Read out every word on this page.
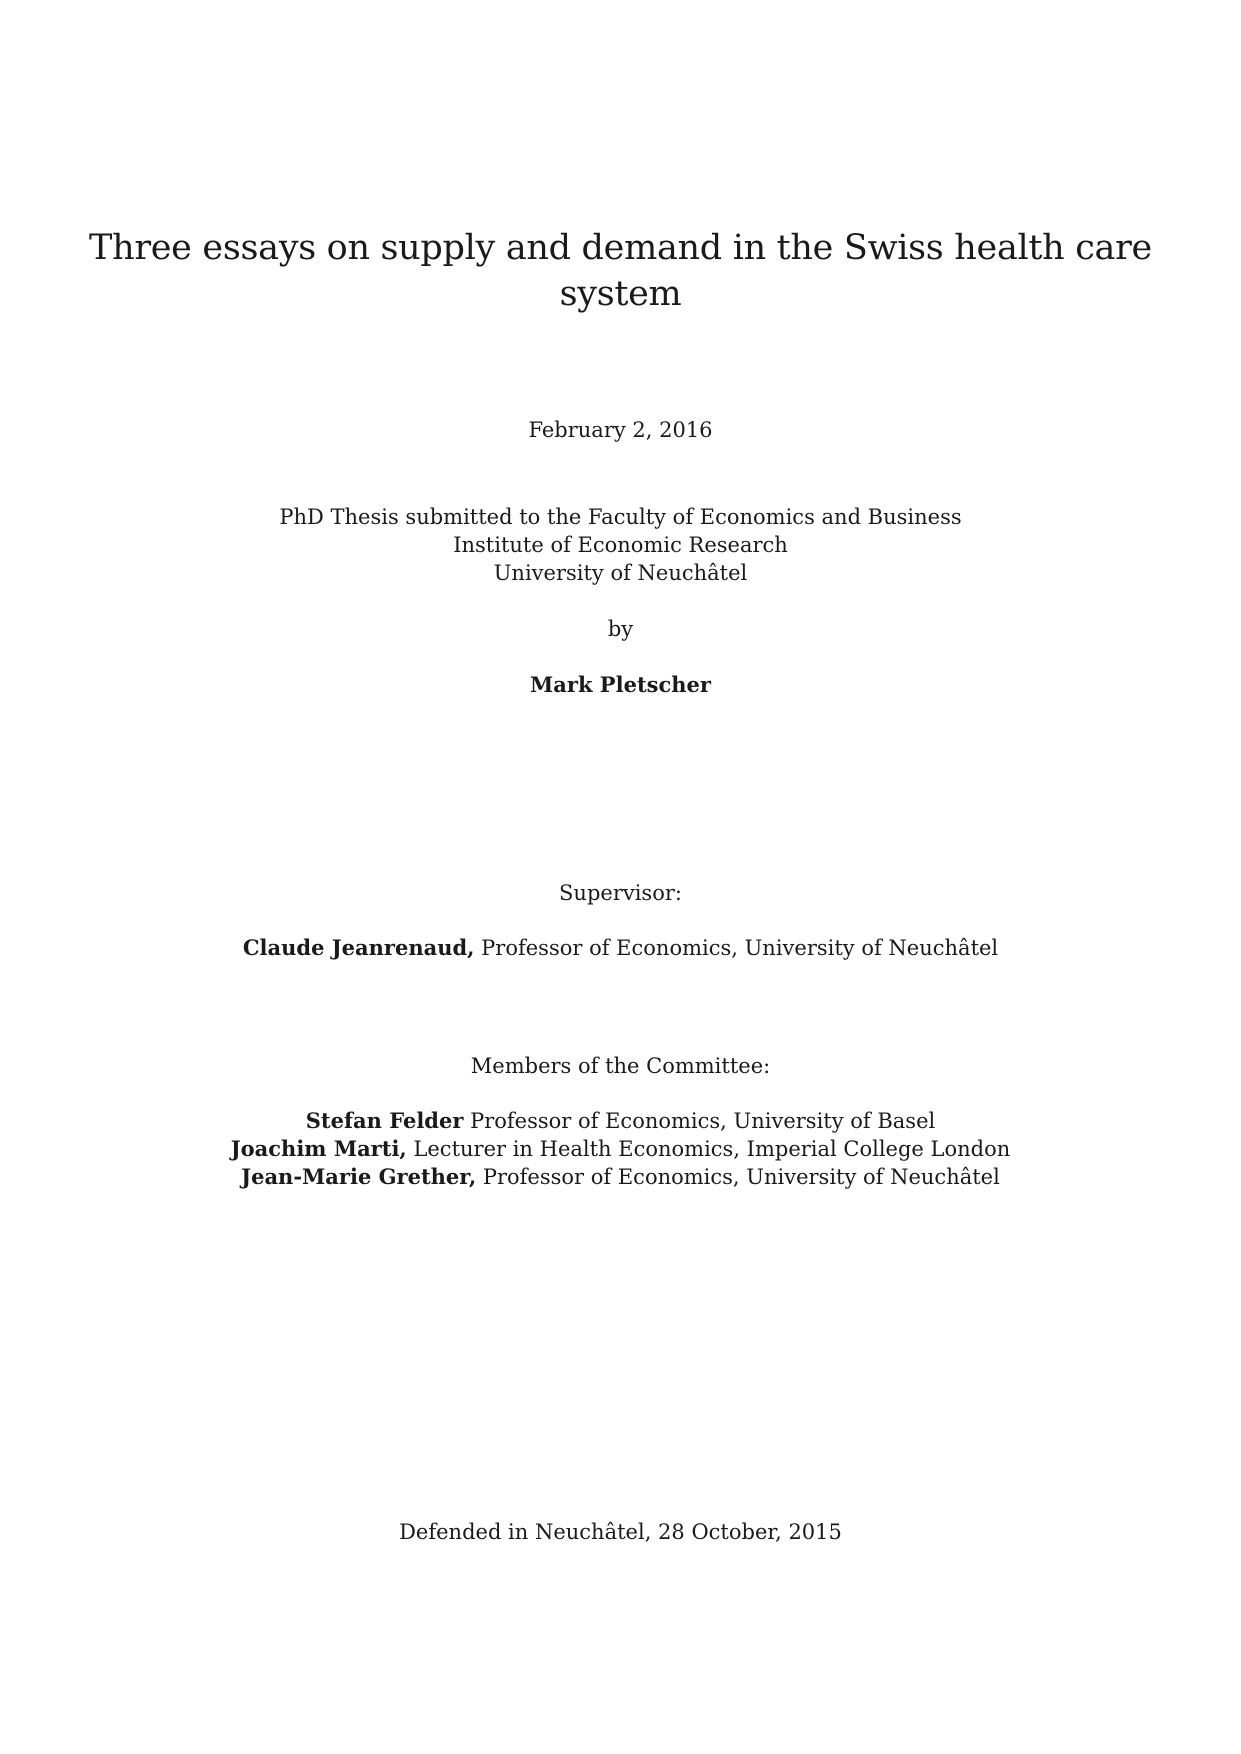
Three essays on supply and demand in the Swiss health care
system
February 2, 2016
PhD Thesis submitted to the Faculty of Economics and Business
Institute of Economic Research
University of Neuchâtel
by
Mark Pletscher
Supervisor:
Claude Jeanrenaud, Professor of Economics, University of Neuchâtel
Members of the Committee:
Stefan Felder Professor of Economics, University of Basel
Joachim Marti, Lecturer in Health Economics, Imperial College London
Jean-Marie Grether, Professor of Economics, University of Neuchâtel
Defended in Neuchâtel, 28 October, 2015
